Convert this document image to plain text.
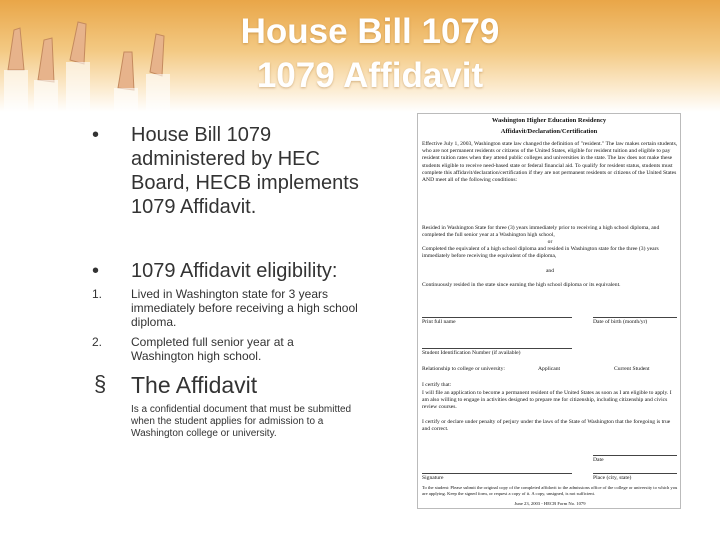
House Bill 1079
1079 Affidavit
• House Bill 1079 administered by HEC Board, HECB implements 1079 Affidavit.
• 1079 Affidavit eligibility:
1. Lived in Washington state for 3 years immediately before receiving a high school diploma.
2. Completed full senior year at a Washington high school.
§ The Affidavit
Is a confidential document that must be submitted when the student applies for admission to a Washington college or university.
Washington Higher Education Residency
Affidavit/Declaration/Certification
Effective July 1, 2003, Washington state law changed the definition of "resident." The law makes certain students, who are not permanent residents or citizens of the United States, eligible for resident tuition and eligible to pay resident tuition rates when they attend public colleges and universities in the state. The law does not make these students eligible to receive need-based state or federal financial aid. To qualify for resident status, students must complete this affidavit/declaration/certification if they are not permanent residents or citizens of the United States AND meet all of the following conditions:
Resided in Washington State for three (3) years immediately prior to receiving a high school diploma, and completed the full senior year at a Washington high school,
or
Completed the equivalent of a high school diploma and resided in Washington state for the three (3) years immediately before receiving the equivalent of the diploma,
and
Continuously resided in the state since earning the high school diploma or its equivalent.
Print full name	Date of birth (month/yr)
Student Identification Number (if available)
Relationship to college or university:	Applicant	Current Student
I certify that:
I will file an application to become a permanent resident of the United States as soon as I am eligible to apply. I am also willing to engage in activities designed to prepare me for citizenship, including citizenship and civics review courses.
I certify or declare under penalty of perjury under the laws of the State of Washington that the foregoing is true and correct.
Date
Signature	Place (city, state)
To the student: Please submit the original copy of the completed affidavit to the admissions office of the college or university to which you are applying. Keep the signed form, or request a copy of it. A copy, unsigned, is not sufficient.
June 23, 2003 - HECB Form No. 1079
